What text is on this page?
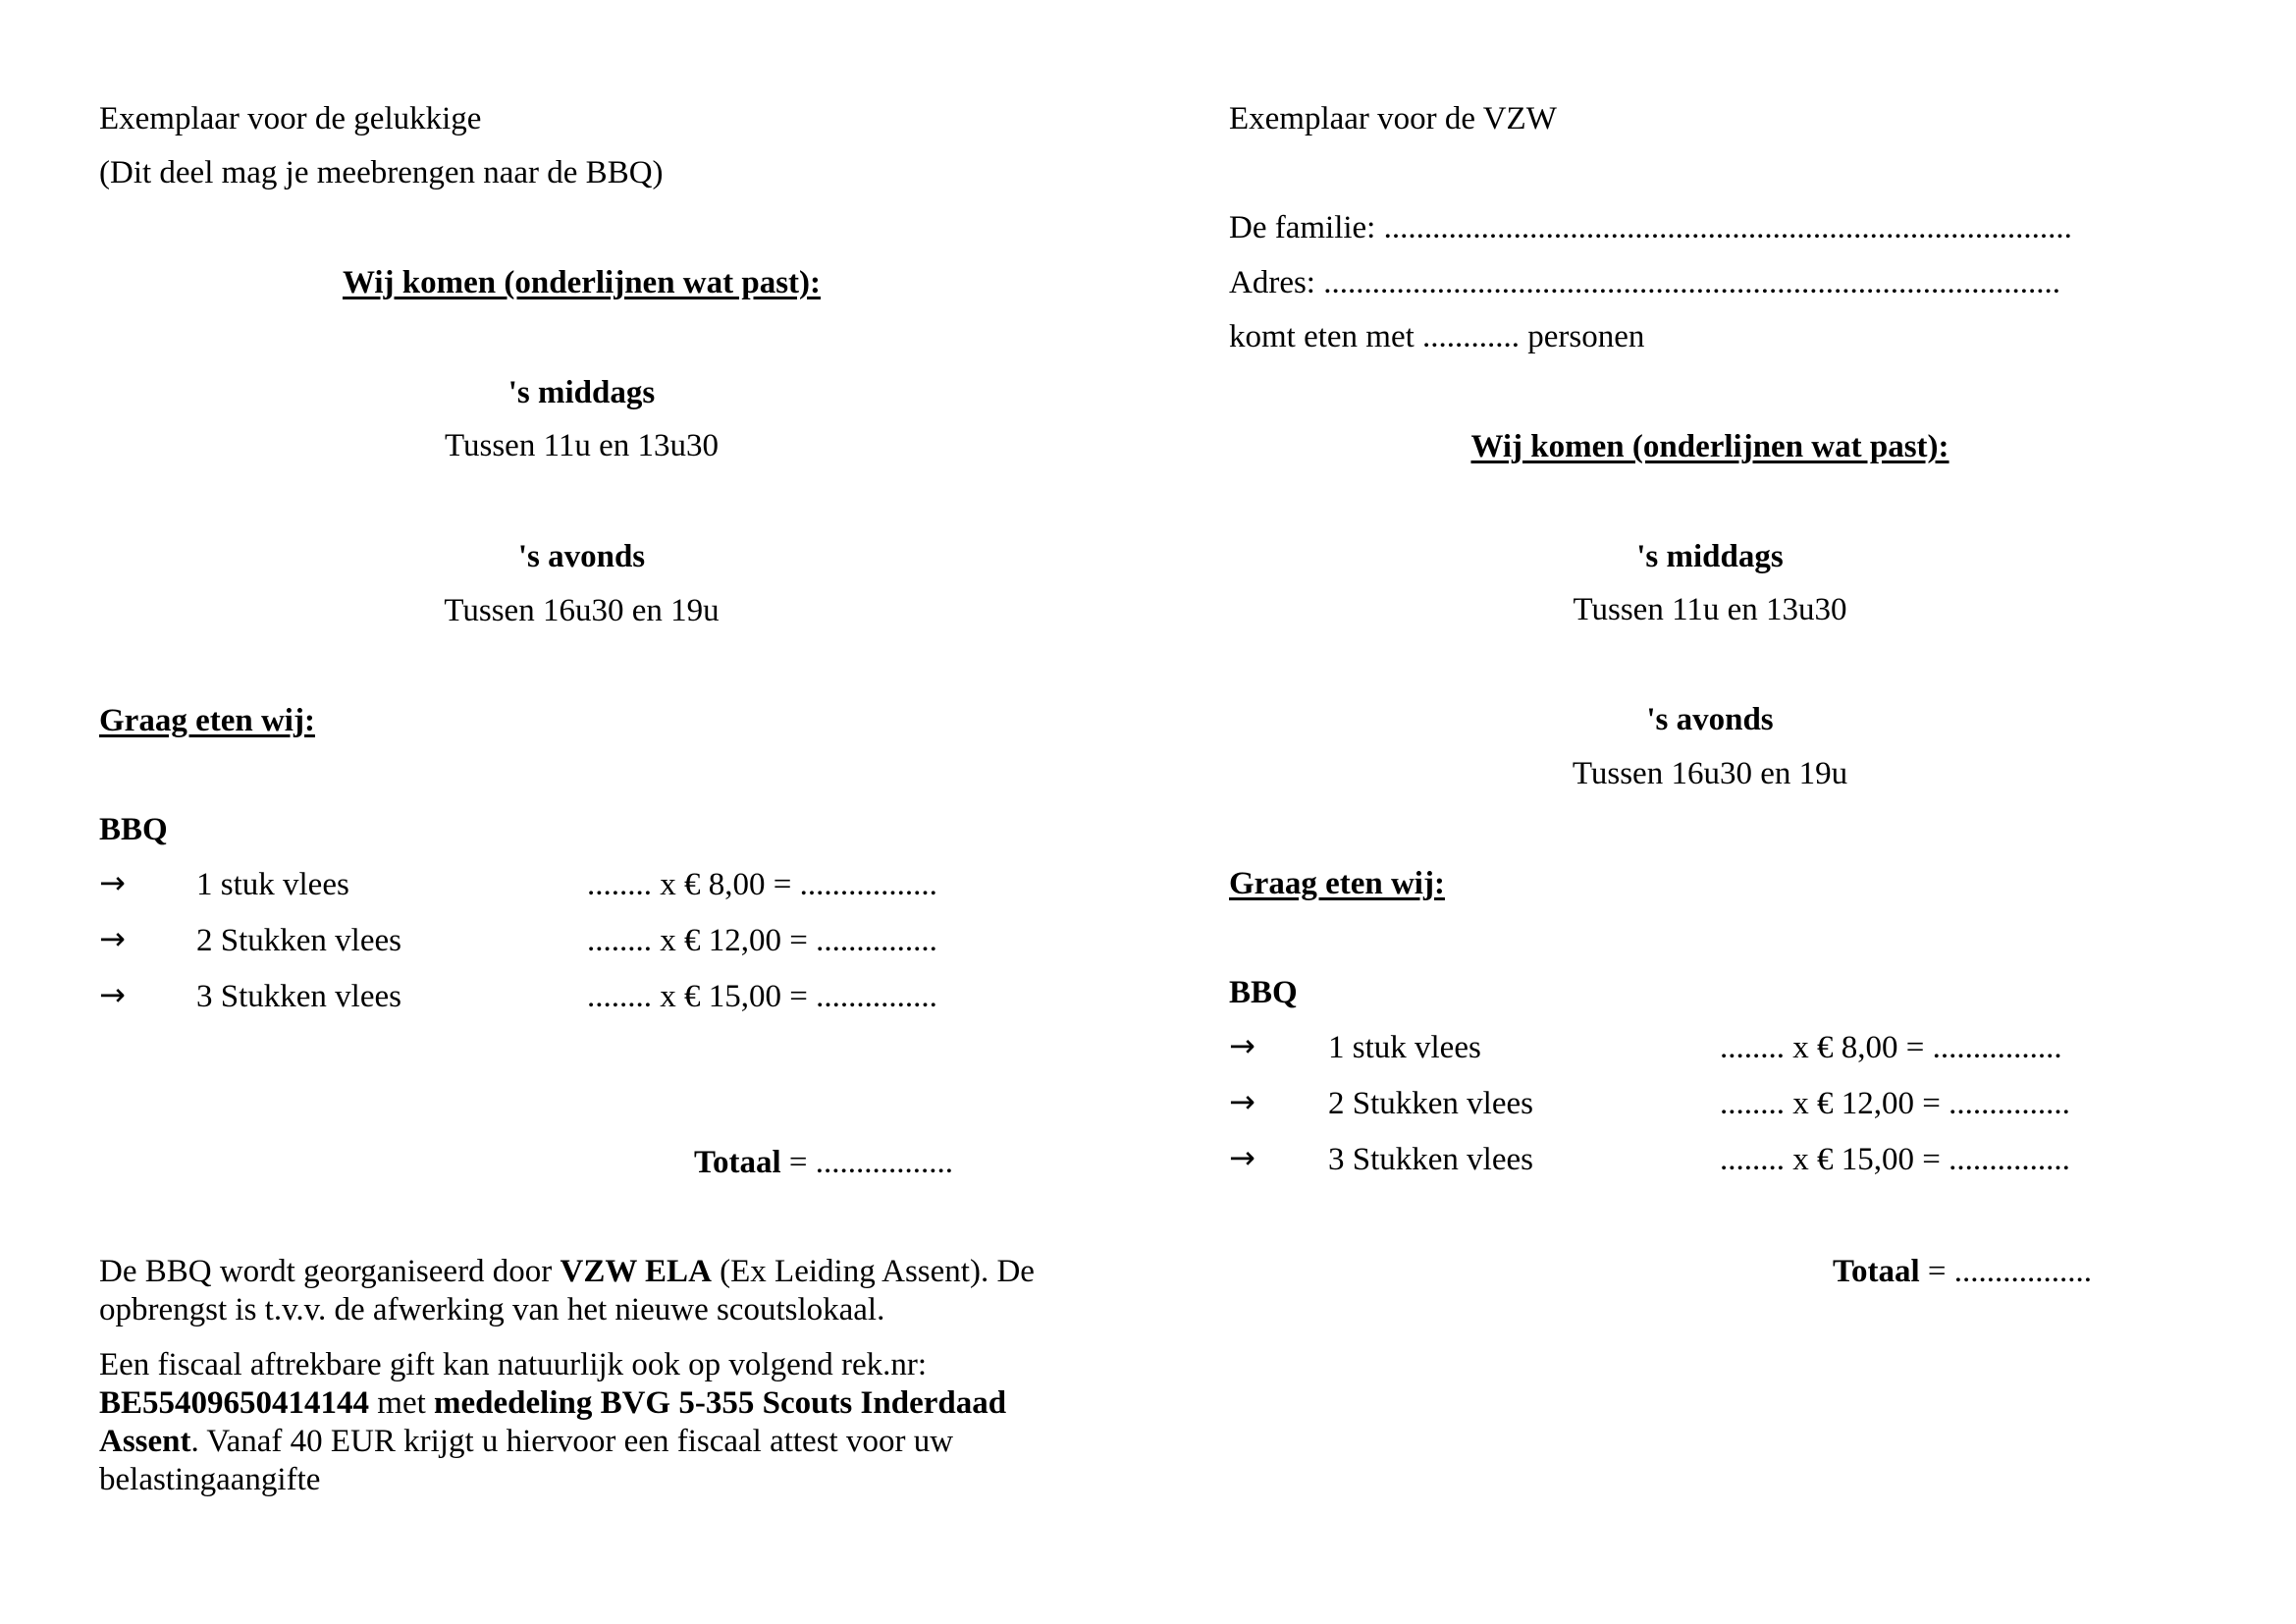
Exemplaar voor de gelukkige
(Dit deel mag je meebrengen naar de BBQ)
Wij komen (onderlijnen wat past):
's middags
Tussen 11u en 13u30
's avonds
Tussen 16u30 en 19u
Graag eten wij:
BBQ
→ 1 stuk vlees	........ x € 8,00 = .................
→ 2 Stukken vlees	........ x € 12,00 = ...............
→ 3 Stukken vlees	........ x € 15,00 = ...............
Totaal = .................
De BBQ wordt georganiseerd door VZW ELA (Ex Leiding Assent). De opbrengst is t.v.v. de afwerking van het nieuwe scoutslokaal.
Een fiscaal aftrekbare gift kan natuurlijk ook op volgend rek.nr: BE55409650414144 met mededeling BVG 5-355 Scouts Inderdaad Assent. Vanaf 40 EUR krijgt u hiervoor een fiscaal attest voor uw belastingaangifte
Exemplaar voor de VZW
De familie: .....................................................................................
Adres: ...........................................................................................
komt eten met ............ personen
Wij komen (onderlijnen wat past):
's middags
Tussen 11u en 13u30
's avonds
Tussen 16u30 en 19u
Graag eten wij:
BBQ
→ 1 stuk vlees	........ x € 8,00 = ................
→ 2 Stukken vlees	........ x € 12,00 = ...............
→ 3 Stukken vlees	........ x € 15,00 = ...............
Totaal = .................
